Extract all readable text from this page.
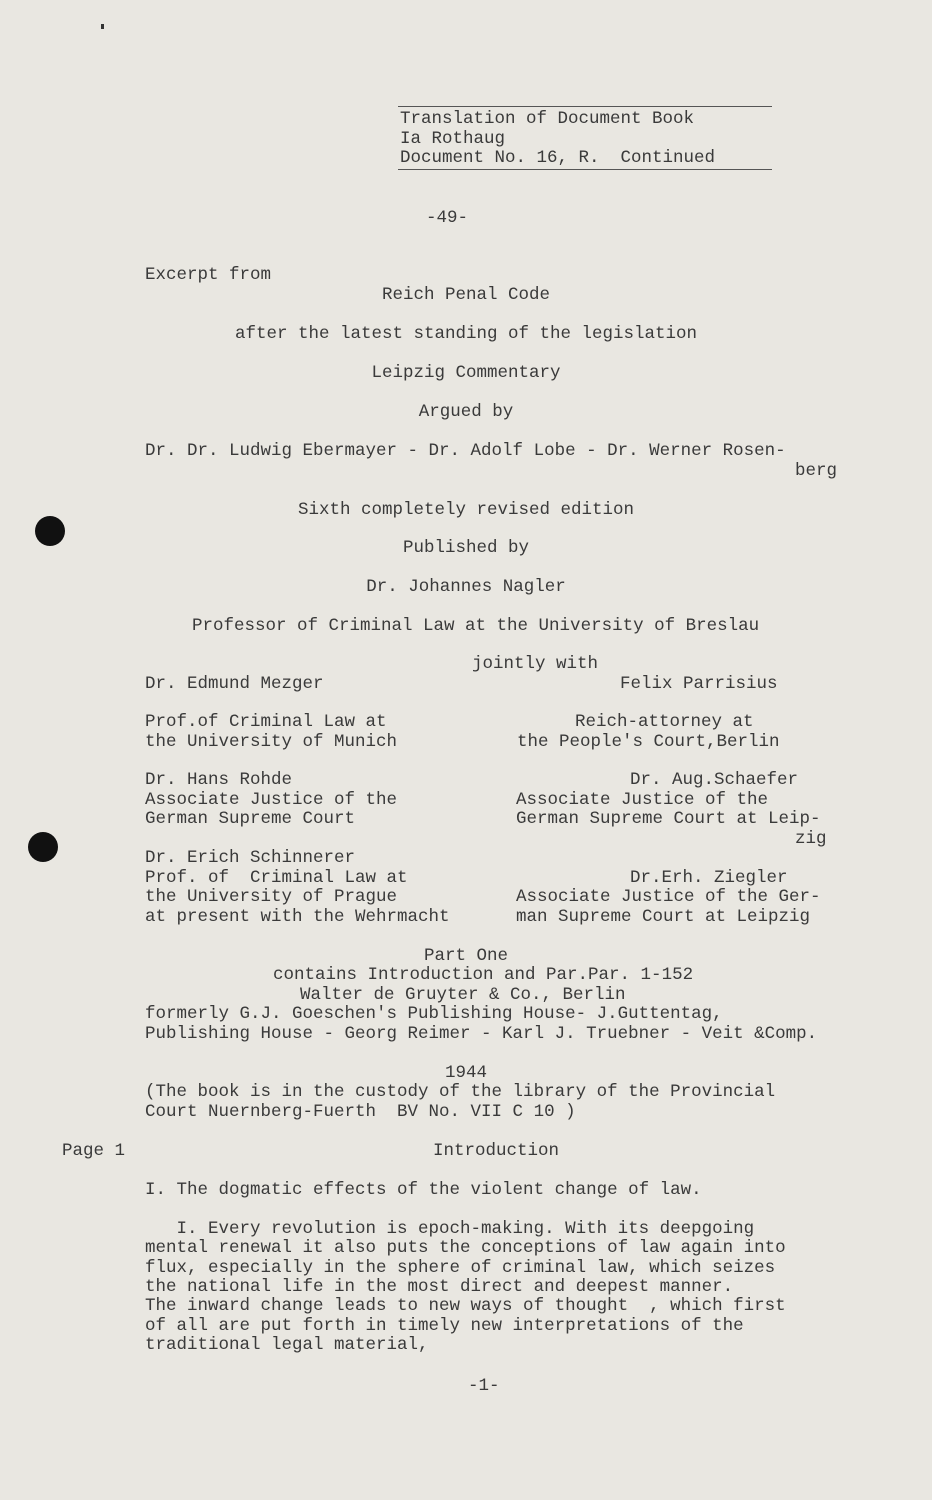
Translation of Document Book
Ia Rothaug
Document No. 16, R.  Continued
-49-
Excerpt from
Reich Penal Code
after the latest standing of the legislation
Leipzig Commentary
Argued by
Dr. Dr. Ludwig Ebermayer - Dr. Adolf Lobe - Dr. Werner Rosen-
berg
Sixth completely revised edition
Published by
Dr. Johannes Nagler
Professor of Criminal Law at the University of Breslau
jointly with
Dr. Edmund Mezger
Prof.of Criminal Law at
the University of Munich
Dr. Hans Rohde
Associate Justice of the
German Supreme Court
Dr. Erich Schinnerer
Prof. of  Criminal Law at
the University of Prague
at present with the Wehrmacht
Felix Parrisius
Reich-attorney at
the People's Court,Berlin
Dr. Aug.Schaefer
Associate Justice of the
German Supreme Court at Leip-
zig
Dr.Erh. Ziegler
Associate Justice of the Ger-
man Supreme Court at Leipzig
Part One
contains Introduction and Par.Par. 1-152
Walter de Gruyter & Co., Berlin
formerly G.J. Goeschen's Publishing House- J.Guttentag,
Publishing House - Georg Reimer - Karl J. Truebner - Veit &Comp.
1944
(The book is in the custody of the library of the Provincial
Court Nuernberg-Fuerth  BV No. VII C 10 )
Page 1	Introduction
I. The dogmatic effects of the violent change of law.
I. Every revolution is epoch-making. With its deepgoing
mental renewal it also puts the conceptions of law again into
flux, especially in the sphere of criminal law, which seizes
the national life in the most direct and deepest manner.
The inward change leads to new ways of thought  , which first
of all are put forth in timely new interpretations of the
traditional legal material,
-1-
